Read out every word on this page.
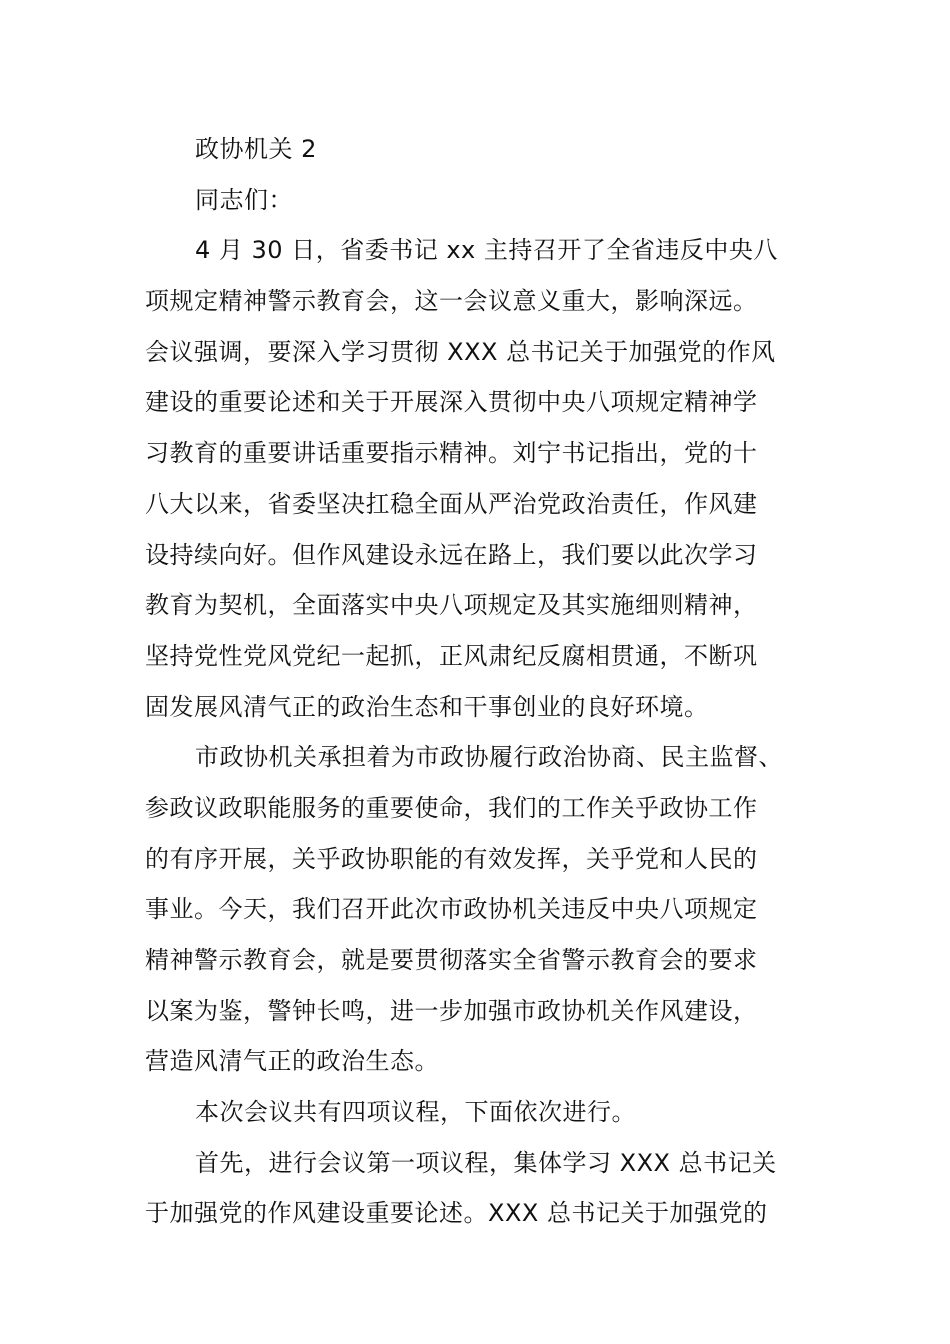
政协机关 2
同志们：
4 月 30 日，省委书记 xx 主持召开了全省违反中央八
项规定精神警示教育会，这一会议意义重大，影响深远。
会议强调，要深入学习贯彻 XXX 总书记关于加强党的作风
建设的重要论述和关于开展深入贯彻中央八项规定精神学
习教育的重要讲话重要指示精神。刘宁书记指出，党的十
八大以来，省委坚决扛稳全面从严治党政治责任，作风建
设持续向好。但作风建设永远在路上，我们要以此次学习
教育为契机，全面落实中央八项规定及其实施细则精神，
坚持党性党风党纪一起抓，正风肃纪反腐相贯通，不断巩
固发展风清气正的政治生态和干事创业的良好环境。
市政协机关承担着为市政协履行政治协商、民主监督、
参政议政职能服务的重要使命，我们的工作关乎政协工作
的有序开展，关乎政协职能的有效发挥，关乎党和人民的
事业。今天，我们召开此次市政协机关违反中央八项规定
精神警示教育会，就是要贯彻落实全省警示教育会的要求
以案为鉴，警钟长鸣，进一步加强市政协机关作风建设，
营造风清气正的政治生态。
本次会议共有四项议程，下面依次进行。
首先，进行会议第一项议程，集体学习 XXX 总书记关
于加强党的作风建设重要论述。XXX 总书记关于加强党的
